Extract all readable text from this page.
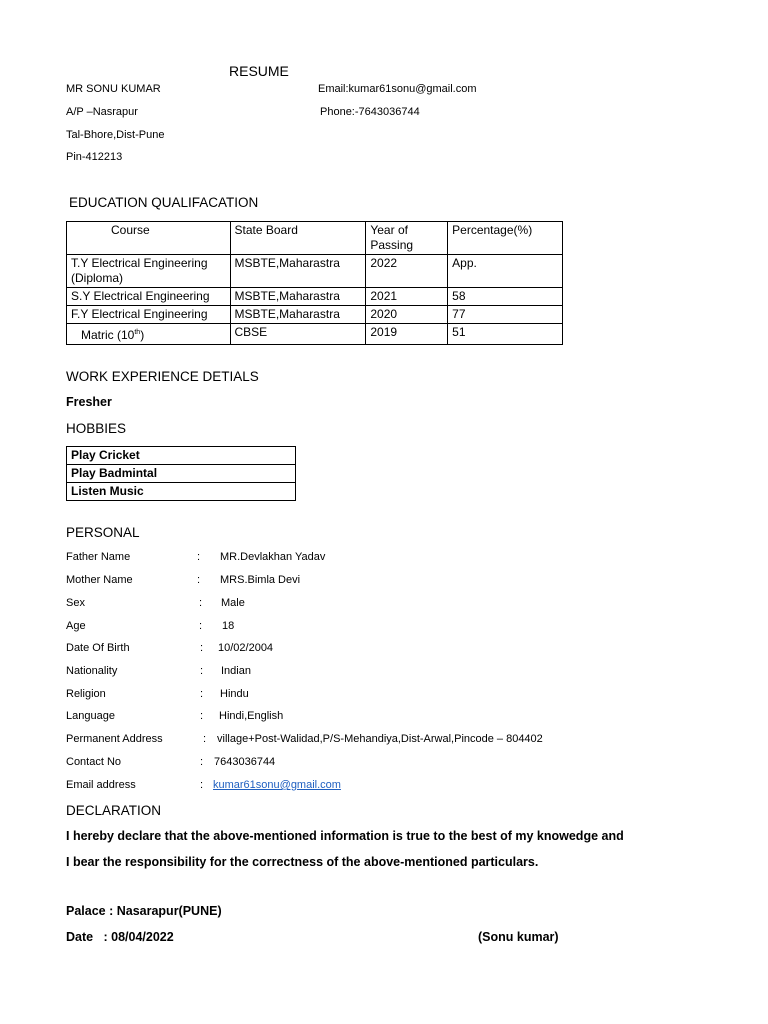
RESUME
MR SONU KUMAR
A/P –Nasrapur
Tal-Bhore,Dist-Pune
Pin-412213
Email:kumar61sonu@gmail.com
Phone:-7643036744
EDUCATION QUALIFACATION
Course	State Board	Year of Passing	Percentage(%)
T.Y Electrical Engineering (Diploma)	MSBTE,Maharastra	2022	App.
S.Y Electrical Engineering	MSBTE,Maharastra	2021	58
F.Y Electrical Engineering	MSBTE,Maharastra	2020	77
Matric (10th)	CBSE	2019	51
WORK EXPERIENCE DETIALS
Fresher
HOBBIES
Play Cricket
Play Badmintal
Listen Music
PERSONAL
Father Name	: MR.Devlakhan Yadav
Mother Name	: MRS.Bimla Devi
Sex	: Male
Age	: 18
Date Of Birth	: 10/02/2004
Nationality	: Indian
Religion	: Hindu
Language	: Hindi,English
Permanent Address	: village+Post-Walidad,P/S-Mehandiya,Dist-Arwal,Pincode – 804402
Contact No	: 7643036744
Email address	: kumar61sonu@gmail.com
DECLARATION
I hereby declare that the above-mentioned information is true to the best of my knowedge and
I bear the responsibility for the correctness of the above-mentioned particulars.
Palace : Nasarapur(PUNE)
Date   : 08/04/2022	(Sonu kumar)
